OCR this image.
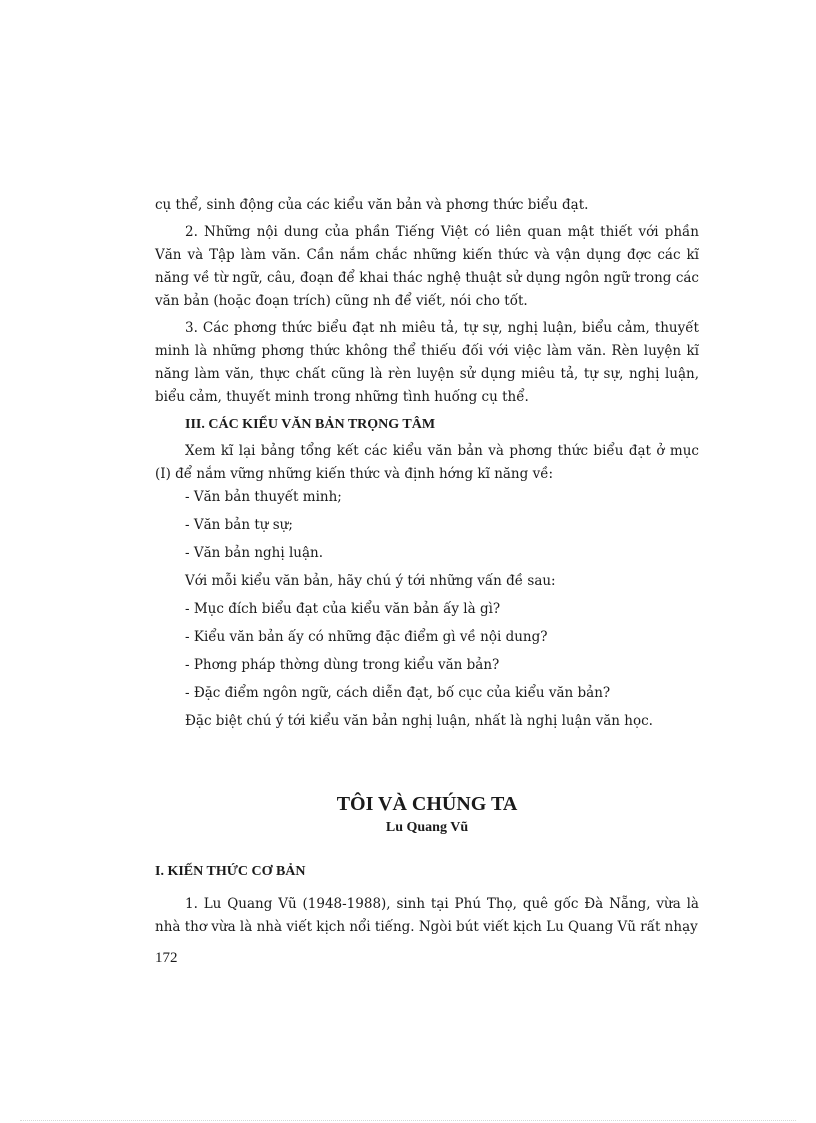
cụ thể, sinh động của các kiểu văn bản và phơng thức biểu đạt.

2. Những nội dung của phần Tiếng Việt có liên quan mật thiết với phần Văn và Tập làm văn. Cần nắm chắc những kiến thức và vận dụng đợc các kĩ năng về từ ngữ, câu, đoạn để khai thác nghệ thuật sử dụng ngôn ngữ trong các văn bản (hoặc đoạn trích) cũng nh để viết, nói cho tốt.

3. Các phơng thức biểu đạt nh miêu tả, tự sự, nghị luận, biểu cảm, thuyết minh là những phơng thức không thể thiếu đối với việc làm văn. Rèn luyện kĩ năng làm văn, thực chất cũng là rèn luyện sử dụng miêu tả, tự sự, nghị luận, biểu cảm, thuyết minh trong những tình huống cụ thể.

III. CÁC KIỂU VĂN BẢN TRỌNG TÂM

Xem kĩ lại bảng tổng kết các kiểu văn bản và phơng thức biểu đạt ở mục (I) để nắm vững những kiến thức và định hớng kĩ năng về:

- Văn bản thuyết minh;

- Văn bản tự sự;

- Văn bản nghị luận.

Với mỗi kiểu văn bản, hãy chú ý tới những vấn đề sau:

- Mục đích biểu đạt của kiểu văn bản ấy là gì?

- Kiểu văn bản ấy có những đặc điểm gì về nội dung?

- Phơng pháp thờng dùng trong kiểu văn bản?

- Đặc điểm ngôn ngữ, cách diễn đạt, bố cục của kiểu văn bản?

Đặc biệt chú ý tới kiểu văn bản nghị luận, nhất là nghị luận văn học.

TÔI VÀ CHÚNG TA

Lu Quang Vũ

I. KIẾN THỨC CƠ BẢN

1. Lu Quang Vũ (1948-1988), sinh tại Phú Thọ, quê gốc Đà Nẵng, vừa là nhà thơ vừa là nhà viết kịch nổi tiếng. Ngòi bút viết kịch Lu Quang Vũ rất nhạy

172
